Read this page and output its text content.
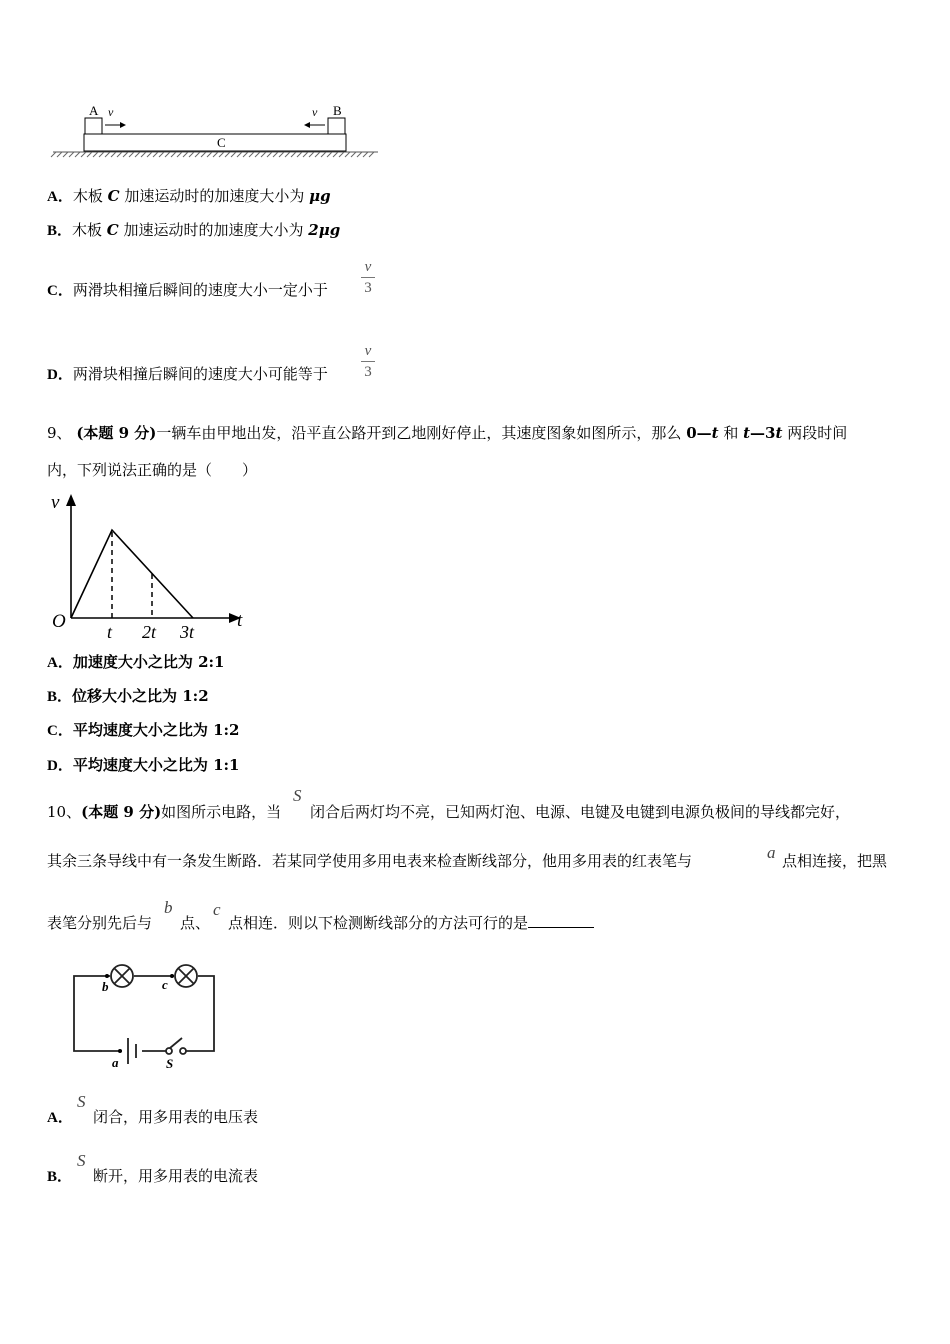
A v	v B
C
A．木板 C 加速运动时的加速度大小为 μg
B．木板 C 加速运动时的加速度大小为 2μg
C．两滑块相撞后瞬间的速度大小一定小于
v
3
D．两滑块相撞后瞬间的速度大小可能等于
v
3
9、 (本题 9 分)一辆车由甲地出发，沿平直公路开到乙地刚好停止，其速度图象如图所示，那么 0—t 和 t—3t 两段时间
内，下列说法正确的是（　　）
v
t
O t 2t 3t
A．加速度大小之比为 2:1
B．位移大小之比为 1:2
C．平均速度大小之比为 1:2
D．平均速度大小之比为 1:1
10、(本题 9 分)如图所示电路，当
S
闭合后两灯均不亮，已知两灯泡、电源、电键及电键到电源负极间的导线都完好，
其余三条导线中有一条发生断路．若某同学使用多用电表来检查断线部分，他用多用表的红表笔与	a 点相连接，把黑
表笔分别先后与
b
点、
c
点相连．则以下检测断线部分的方法可行的是
b	c
a	S
A．
S
闭合，用多用表的电压表
B．
S
断开，用多用表的电流表
